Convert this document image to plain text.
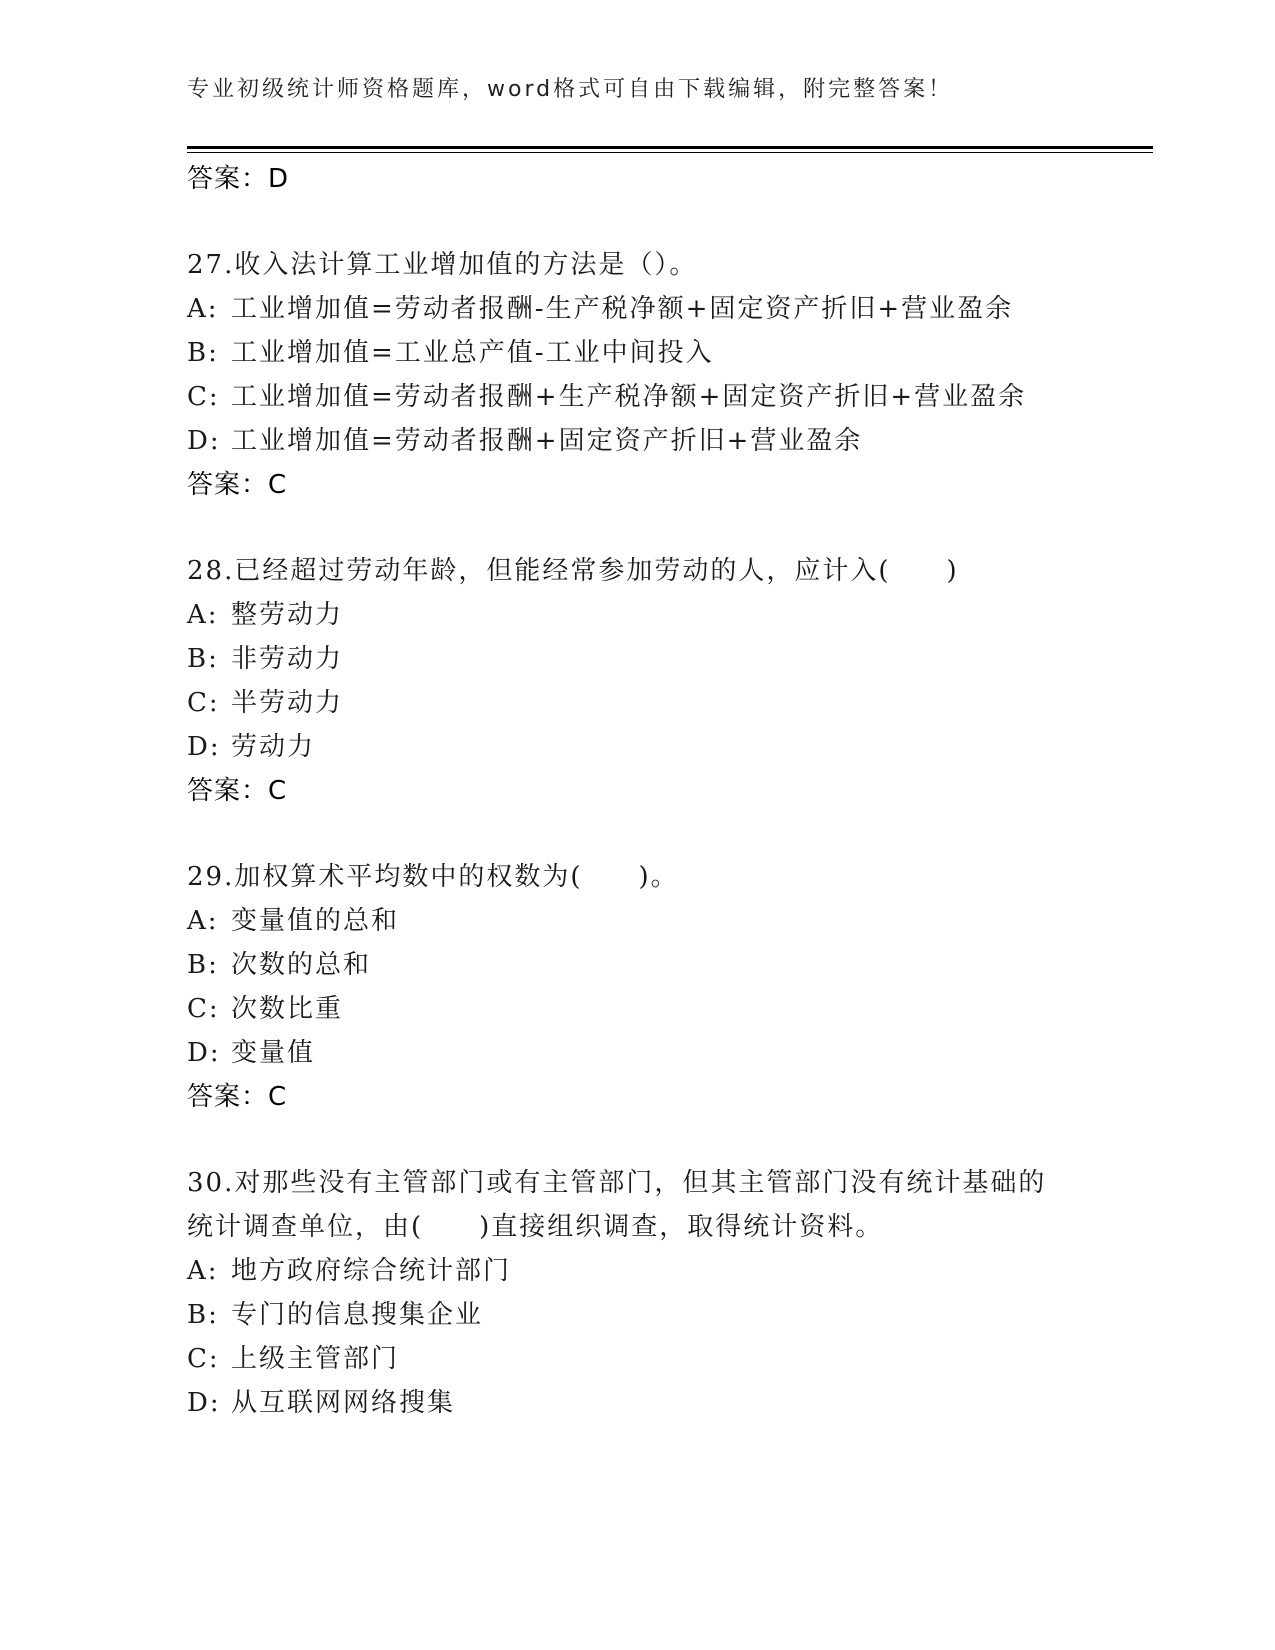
专业初级统计师资格题库，word格式可自由下载编辑，附完整答案！
答案：D
27.收入法计算工业增加值的方法是（）。
A: 工业增加值=劳动者报酬-生产税净额+固定资产折旧+营业盈余
B: 工业增加值=工业总产值-工业中间投入
C: 工业增加值=劳动者报酬+生产税净额+固定资产折旧+营业盈余
D: 工业增加值=劳动者报酬+固定资产折旧+营业盈余
答案：C
28.已经超过劳动年龄，但能经常参加劳动的人，应计入(　　)
A: 整劳动力
B: 非劳动力
C: 半劳动力
D: 劳动力
答案：C
29.加权算术平均数中的权数为(　　)。
A: 变量值的总和
B: 次数的总和
C: 次数比重
D: 变量值
答案：C
30.对那些没有主管部门或有主管部门，但其主管部门没有统计基础的
统计调查单位，由(　　)直接组织调查，取得统计资料。
A: 地方政府综合统计部门
B: 专门的信息搜集企业
C: 上级主管部门
D: 从互联网网络搜集
